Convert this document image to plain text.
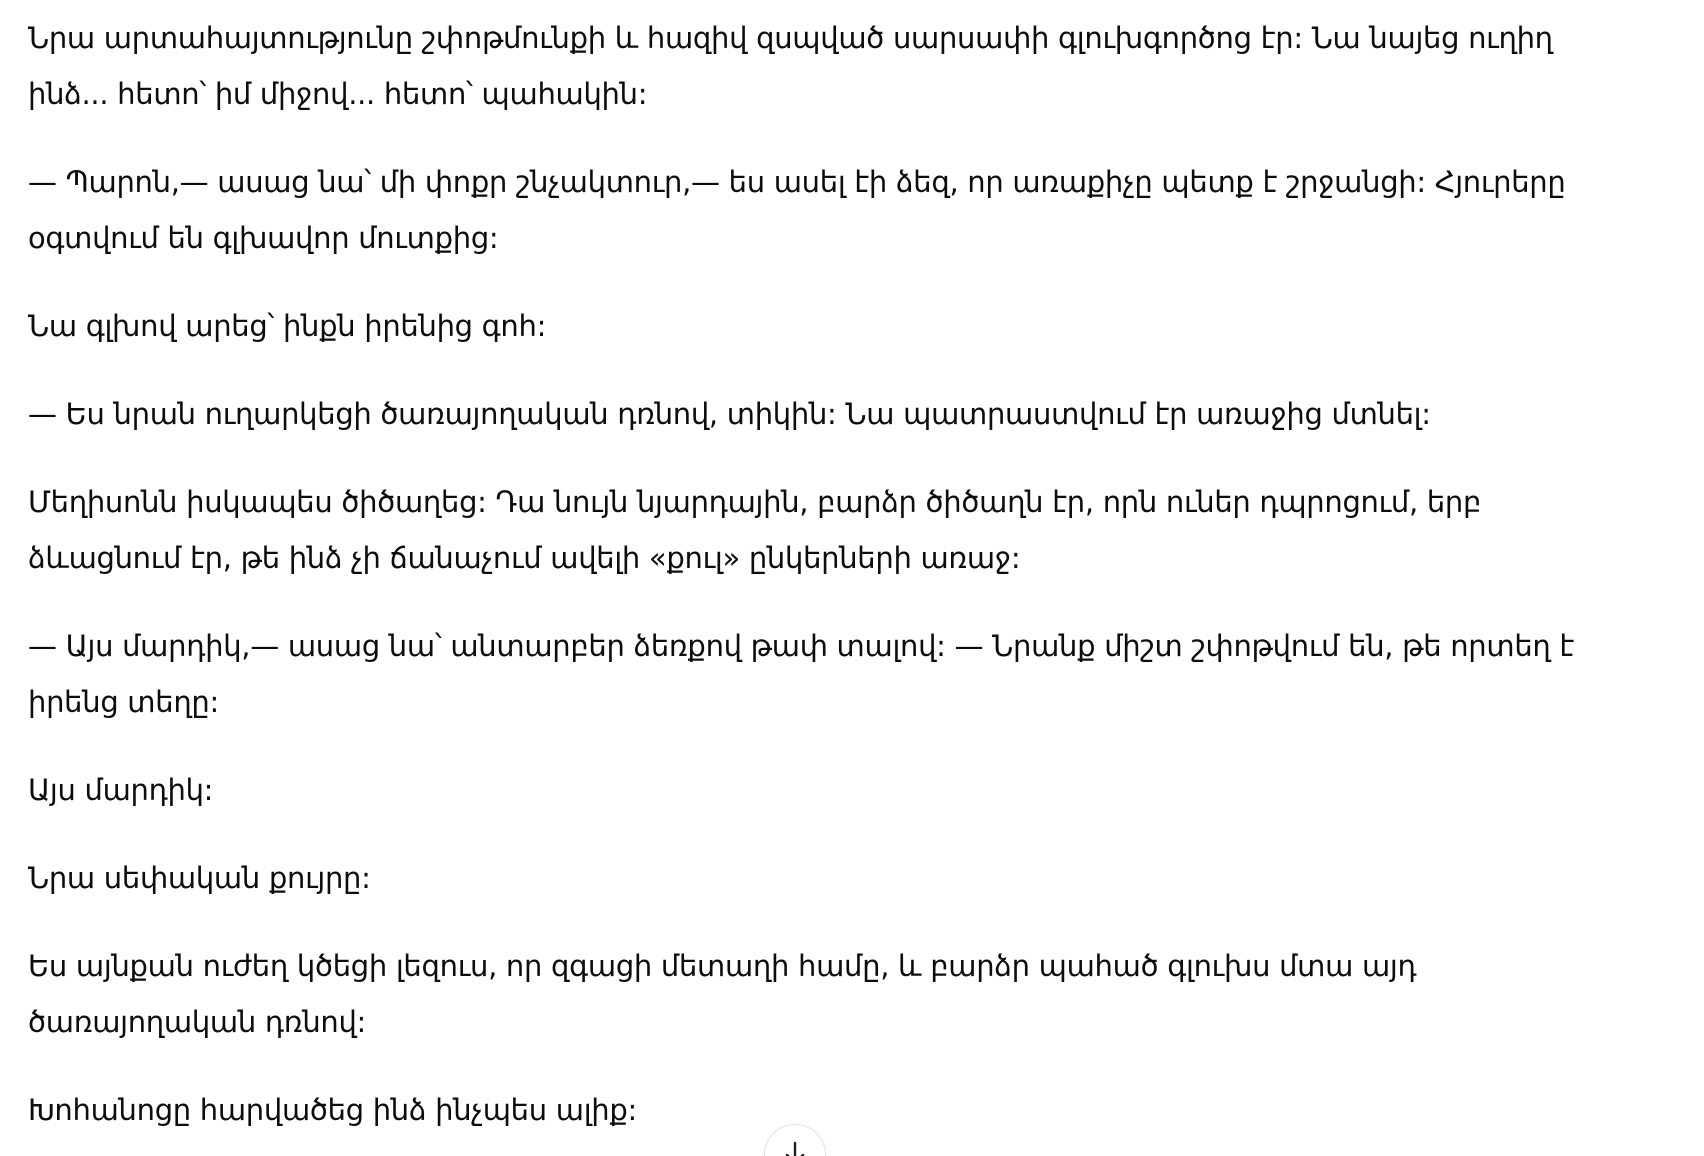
Նրա արտահայտությունը շփոթմունքի և հազիվ զսպված սարսափի գլուխգործոց էր: Նա նայեց ուղիղ ինձ... հետո՝ իմ միջով... հետո՝ պահակին:

— Պարոն,— ասաց նա՝ մի փոքր շնչակտուր,— ես ասել էի ձեզ, որ առաքիչը պետք է շրջանցի: Հյուրերը օգտվում են գլխավոր մուտքից:

Նա գլխով արեց՝ ինքն իրենից գոհ:

— Ես նրան ուղարկեցի ծառայողական դռնով, տիկին: Նա պատրաստվում էր առաջից մտնել:

Մեղիսոնն իսկապես ծիծաղեց: Դա նույն նյարդային, բարձր ծիծաղն էր, որն ուներ դպրոցում, երբ ձևացնում էր, թե ինձ չի ճանաչում ավելի «քուլ» ընկերների առաջ:

— Այս մարդիկ,— ասաց նա՝ անտարբեր ձեռքով թափ տալով: — Նրանք միշտ շփոթվում են, թե որտեղ է իրենց տեղը:

Այս մարդիկ:

Նրա սեփական քույրը:

Ես այնքան ուժեղ կծեցի լեզուս, որ զգացի մետաղի համը, և բարձր պահած գլուխս մտա այդ ծառայողական դռնով:

Խոհանոցը հարվածեց ինձ ինչպես ալիք:
